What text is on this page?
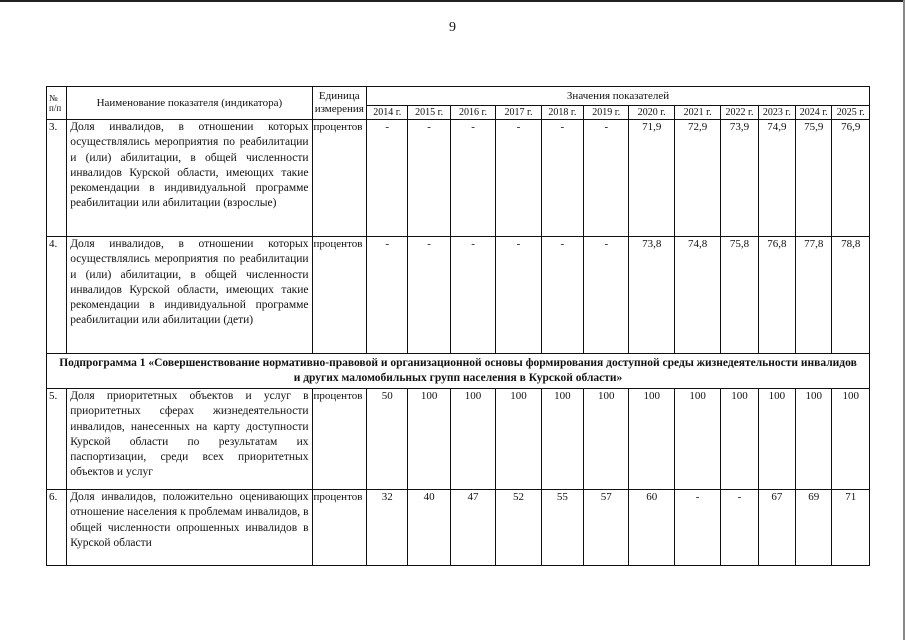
9
№ п/п	Наименование показателя (индикатора)	Единица измерения	Значения показателей											
			2014 г.	2015 г.	2016 г.	2017 г.	2018 г.	2019 г.	2020 г.	2021 г.	2022 г.	2023 г.	2024 г.	2025 г.
3.	Доля инвалидов, в отношении которых осуществлялись мероприятия по реабилитации и (или) абилитации, в общей численности инвалидов Курской области, имеющих такие рекомендации в индивидуальной программе реабилитации или абилитации (взрослые)	процентов	-	-	-	-	-	-	71,9	72,9	73,9	74,9	75,9	76,9
4.	Доля инвалидов, в отношении которых осуществлялись мероприятия по реабилитации и (или) абилитации, в общей численности инвалидов Курской области, имеющих такие рекомендации в индивидуальной программе реабилитации или абилитации (дети)	процентов	-	-	-	-	-	-	73,8	74,8	75,8	76,8	77,8	78,8
Подпрограмма 1 «Совершенствование нормативно-правовой и организационной основы формирования доступной среды жизнедеятельности инвалидов и других маломобильных групп населения в Курской области»														
5.	Доля приоритетных объектов и услуг в приоритетных сферах жизнедеятельности инвалидов, нанесенных на карту доступности Курской области по результатам их паспортизации, среди всех приоритетных объектов и услуг	процентов	50	100	100	100	100	100	100	100	100	100	100	100
6.	Доля инвалидов, положительно оценивающих отношение населения к проблемам инвалидов, в общей численности опрошенных инвалидов в Курской области	процентов	32	40	47	52	55	57	60	-	-	67	69	71
